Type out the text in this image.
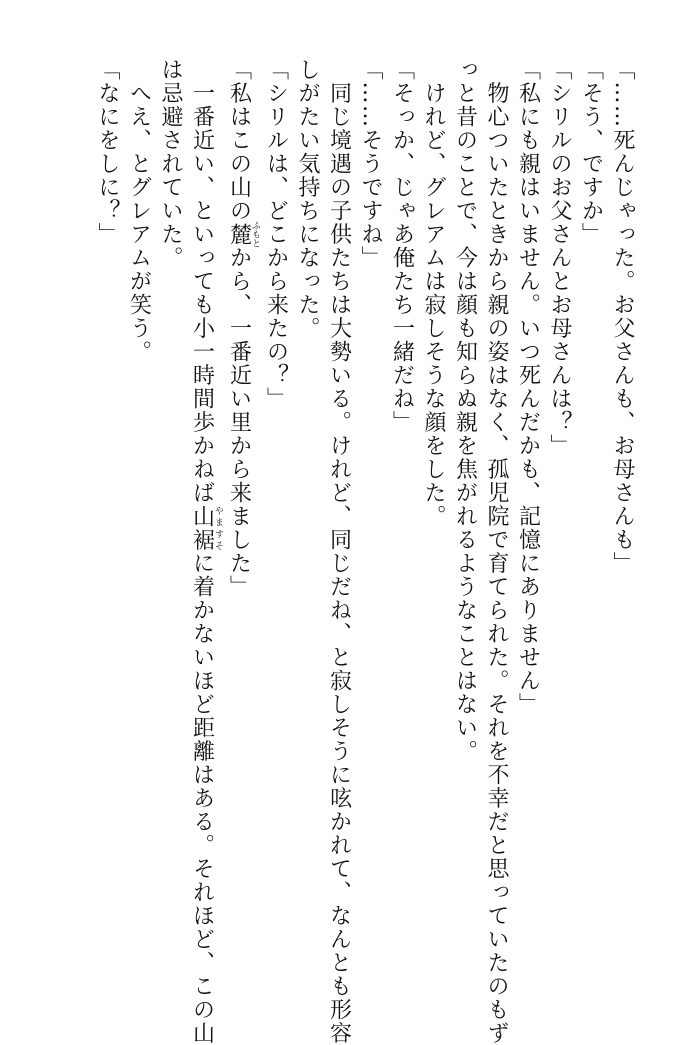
「……死んじゃった。お父さんも、お母さんも」
「そう、ですか」
「シリルのお父さんとお母さんは？」
「私にも親はいません。いつ死んだかも、記憶にありません」
　物心ついたときから親の姿はなく、孤児院で育てられた。それを不幸だと思っていたのもず
っと昔のことで、今は顔も知らぬ親を焦がれるようなことはない。
　けれど、グレアムは寂しそうな顔をした。
「そっか、じゃあ俺たち一緒だね」
「……そうですね」
　同じ境遇の子供たちは大勢いる。けれど、同じだね、と寂しそうに呟かれて、なんとも形容
しがたい気持ちになった。
「シリルは、どこから来たの？」
「私はこの山の麓ふもとから、一番近い里から来ました」
　一番近い、といっても小一時間歩かねば山裾やますそに着かないほど距離はある。それほど、この山
は忌避されていた。
　へえ、とグレアムが笑う。
「なにをしに？」
